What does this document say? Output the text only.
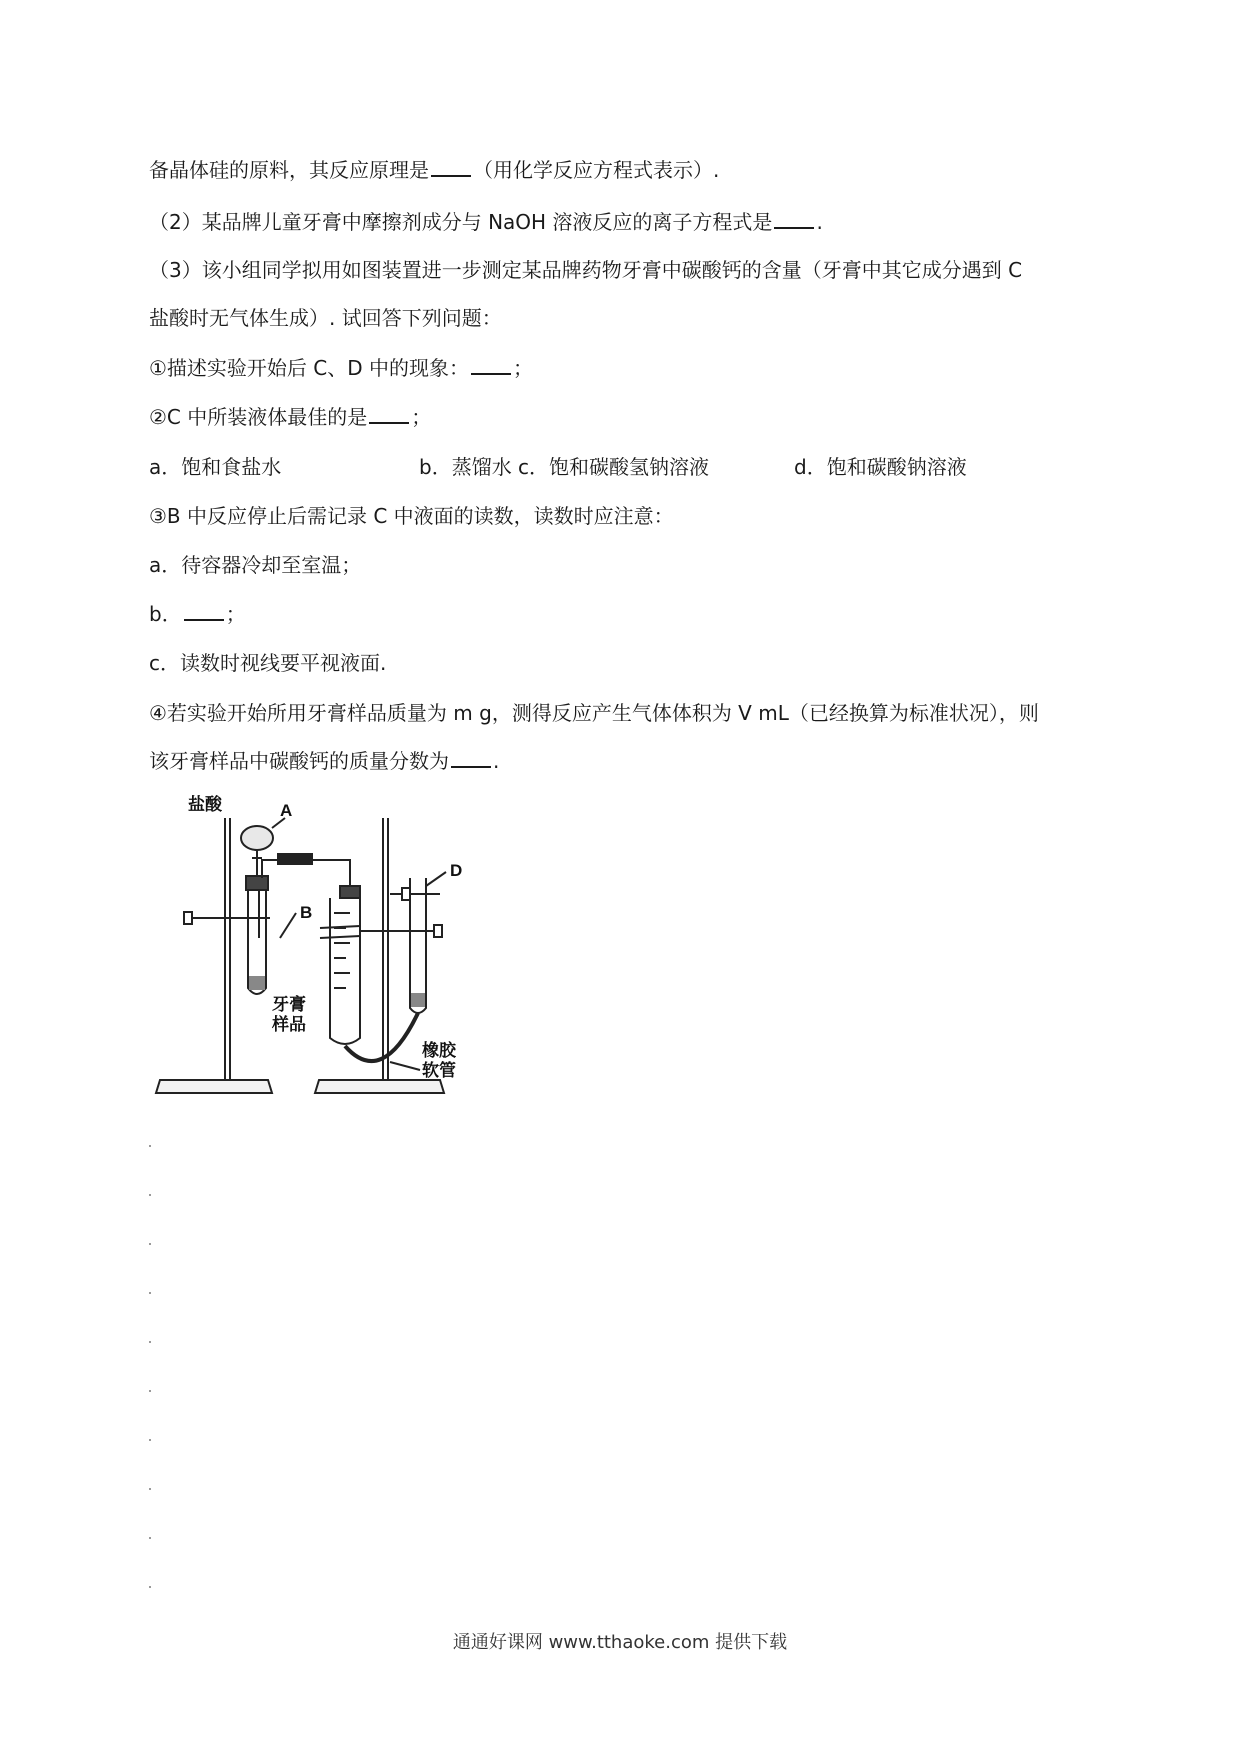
备晶体硅的原料，其反应原理是 （用化学反应方程式表示）.
（2）某品牌儿童牙膏中摩擦剂成分与 NaOH 溶液反应的离子方程式是 .
（3）该小组同学拟用如图装置进一步测定某品牌药物牙膏中碳酸钙的含量（牙膏中其它成分遇到 C
盐酸时无气体生成）. 试回答下列问题：
①描述实验开始后 C、D 中的现象： ；
②C 中所装液体最佳的是 ；
a．饱和食盐水	b．蒸馏水 c．饱和碳酸氢钠溶液	d．饱和碳酸钠溶液
③B 中反应停止后需记录 C 中液面的读数，读数时应注意：
a．待容器冷却至室温；
b． ；
c．读数时视线要平视液面.
④若实验开始所用牙膏样品质量为 m g，测得反应产生气体体积为 V mL（已经换算为标准状况），则
该牙膏样品中碳酸钙的质量分数为 .
盐酸	A
B
D
牙膏
样品
橡胶
软管
通通好课网 www.tthaoke.com 提供下载
